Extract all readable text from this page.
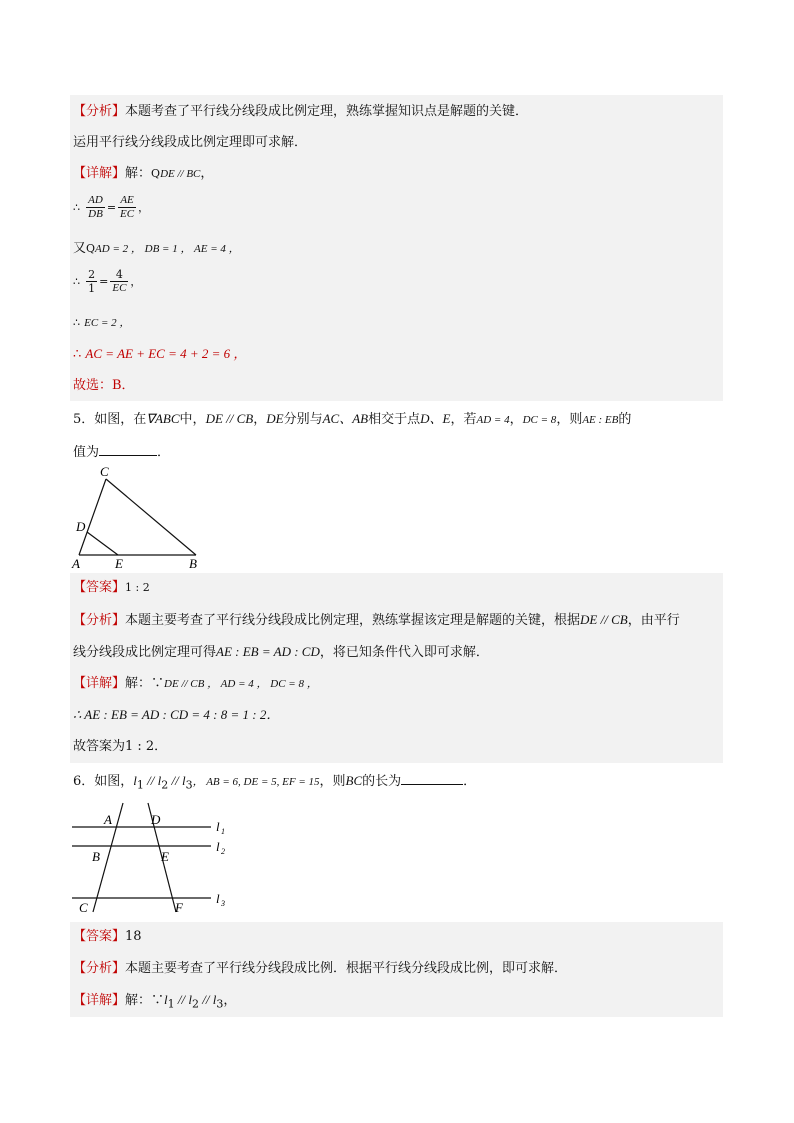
【分析】本题考查了平行线分线段成比例定理，熟练掌握知识点是解题的关键．
运用平行线分线段成比例定理即可求解．
【详解】解：QDE // BC，
∴ $\frac{AD}{DB} = \frac{AE}{EC}$ ，
又QAD = 2 ， DB = 1 ， AE = 4 ，
∴ $\frac{2}{1} = \frac{4}{EC}$ ，
∴ EC = 2 ，
∴ AC = AE + EC = 4 + 2 = 6 ，
故选：B．
5．如图，在∇ABC中，DE // CB，DE分别与AC、AB相交于点D、E，若AD = 4，DC = 8，则AE : EB的
值为	．
C
D
A	E	B
【答案】1 : 2
【分析】本题主要考查了平行线分线段成比例定理，熟练掌握该定理是解题的关键，根据DE // CB，由平行
线分线段成比例定理可得AE : EB = AD : CD，将已知条件代入即可求解．
【详解】解：∵DE // CB ， AD = 4 ， DC = 8 ，
∴ AE : EB = AD : CD = 4 : 8 = 1 : 2．
故答案为1 : 2．
6．如图，$l_1 // l_2 // l_3$， AB = 6, DE = 5, EF = 15，则BC的长为	．
A	D
B	E
C	F
l 1
l 2
l 3
【答案】18
【分析】本题主要考查了平行线分线段成比例．根据平行线分线段成比例，即可求解．
【详解】解：$\because l_1 // l_2 // l_3$，
